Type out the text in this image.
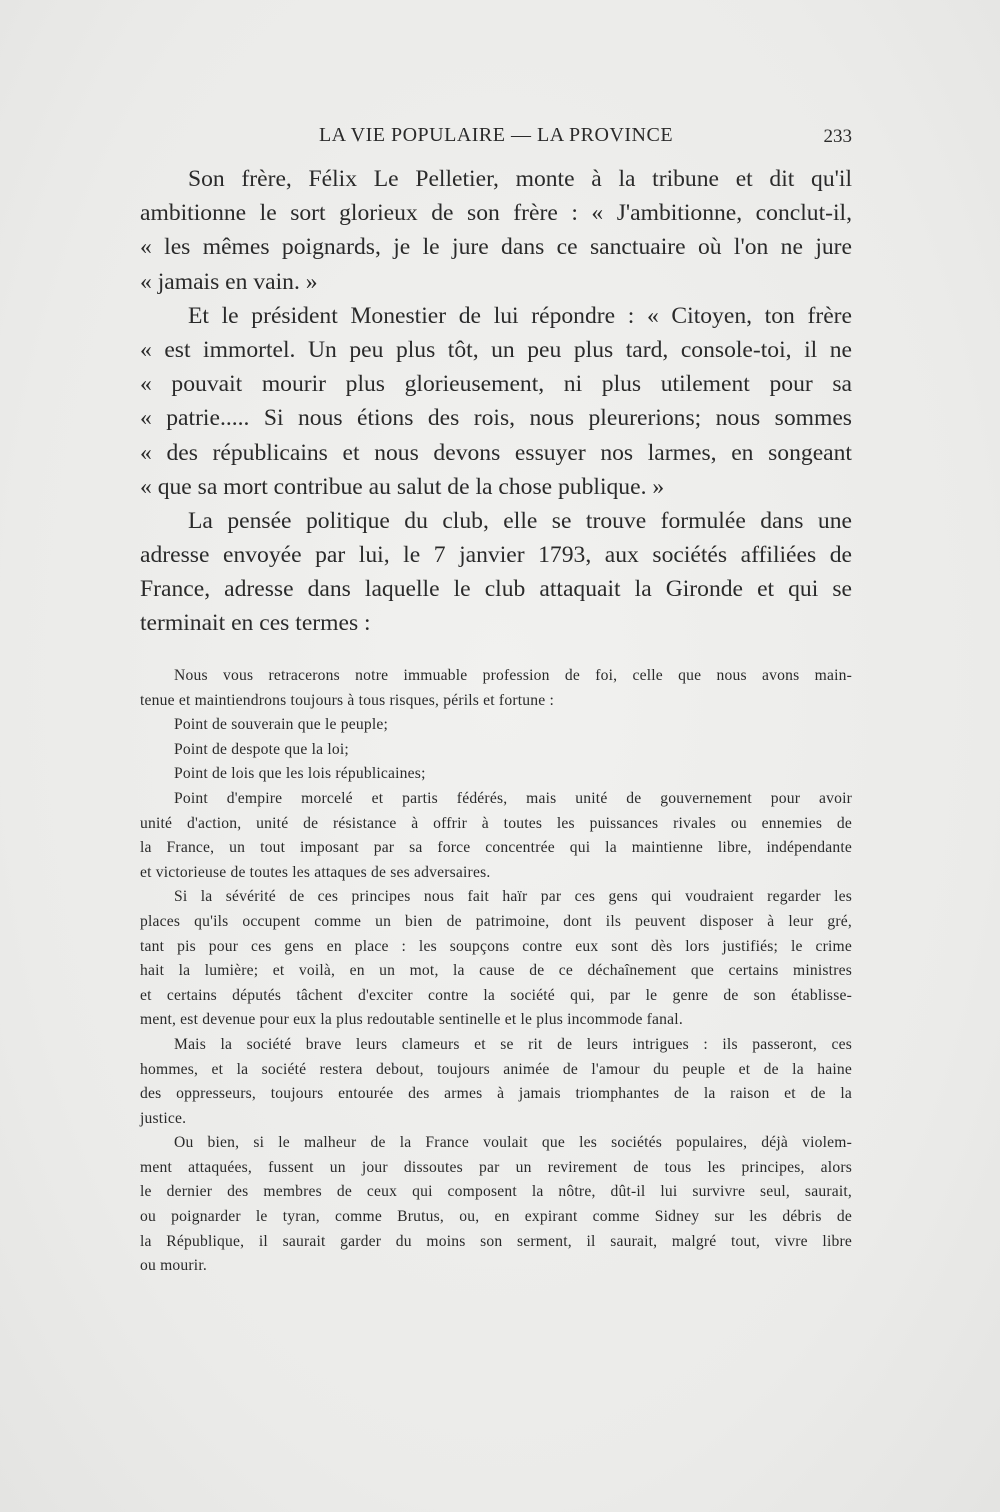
LA VIE POPULAIRE — LA PROVINCE	233
Son frère, Félix Le Pelletier, monte à la tribune et dit qu'il
ambitionne le sort glorieux de son frère : « J'ambitionne, conclut-il,
« les mêmes poignards, je le jure dans ce sanctuaire où l'on ne jure
« jamais en vain. »
Et le président Monestier de lui répondre : « Citoyen, ton frère
« est immortel. Un peu plus tôt, un peu plus tard, console-toi, il ne
« pouvait mourir plus glorieusement, ni plus utilement pour sa
« patrie..... Si nous étions des rois, nous pleurerions; nous sommes
« des républicains et nous devons essuyer nos larmes, en songeant
« que sa mort contribue au salut de la chose publique. »
La pensée politique du club, elle se trouve formulée dans une
adresse envoyée par lui, le 7 janvier 1793, aux sociétés affiliées de
France, adresse dans laquelle le club attaquait la Gironde et qui se
terminait en ces termes :
Nous vous retracerons notre immuable profession de foi, celle que nous avons main-
tenue et maintiendrons toujours à tous risques, périls et fortune :
Point de souverain que le peuple;
Point de despote que la loi;
Point de lois que les lois républicaines;
Point d'empire morcelé et partis fédérés, mais unité de gouvernement pour avoir
unité d'action, unité de résistance à offrir à toutes les puissances rivales ou ennemies de
la France, un tout imposant par sa force concentrée qui la maintienne libre, indépendante
et victorieuse de toutes les attaques de ses adversaires.
Si la sévérité de ces principes nous fait haïr par ces gens qui voudraient regarder les
places qu'ils occupent comme un bien de patrimoine, dont ils peuvent disposer à leur gré,
tant pis pour ces gens en place : les soupçons contre eux sont dès lors justifiés; le crime
hait la lumière; et voilà, en un mot, la cause de ce déchaînement que certains ministres
et certains députés tâchent d'exciter contre la société qui, par le genre de son établisse-
ment, est devenue pour eux la plus redoutable sentinelle et le plus incommode fanal.
Mais la société brave leurs clameurs et se rit de leurs intrigues : ils passeront, ces
hommes, et la société restera debout, toujours animée de l'amour du peuple et de la haine
des oppresseurs, toujours entourée des armes à jamais triomphantes de la raison et de la
justice.
Ou bien, si le malheur de la France voulait que les sociétés populaires, déjà violem-
ment attaquées, fussent un jour dissoutes par un revirement de tous les principes, alors
le dernier des membres de ceux qui composent la nôtre, dût-il lui survivre seul, saurait,
ou poignarder le tyran, comme Brutus, ou, en expirant comme Sidney sur les débris de
la République, il saurait garder du moins son serment, il saurait, malgré tout, vivre libre
ou mourir.
